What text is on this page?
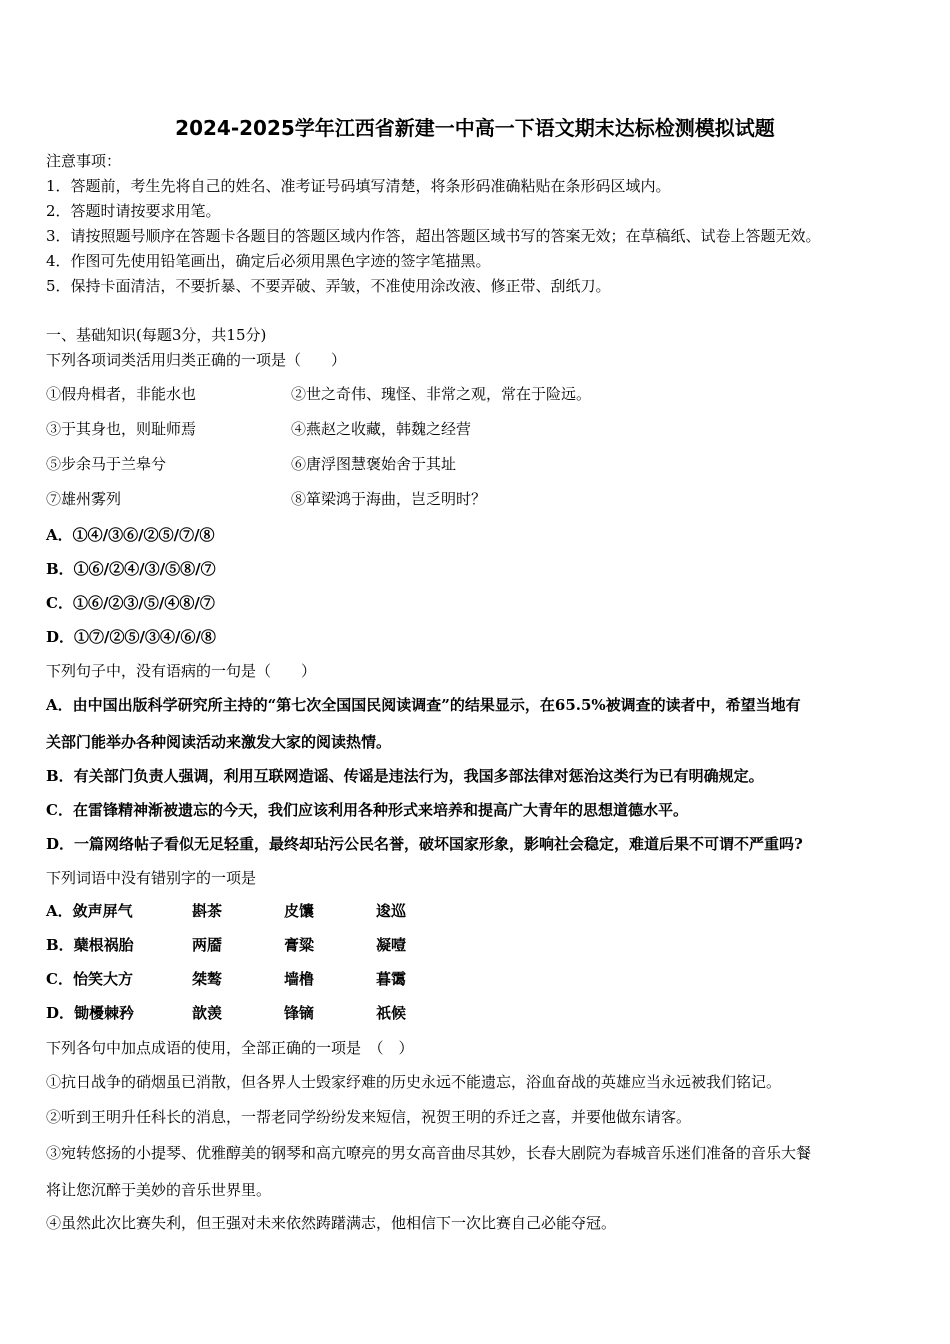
2024-2025学年江西省新建一中高一下语文期末达标检测模拟试题
注意事项：
1．答题前，考生先将自己的姓名、准考证号码填写清楚，将条形码准确粘贴在条形码区域内。
2．答题时请按要求用笔。
3．请按照题号顺序在答题卡各题目的答题区域内作答，超出答题区域书写的答案无效；在草稿纸、试卷上答题无效。
4．作图可先使用铅笔画出，确定后必须用黑色字迹的签字笔描黑。
5．保持卡面清洁，不要折暴、不要弄破、弄皱，不准使用涂改液、修正带、刮纸刀。
一、基础知识(每题3分，共15分)
下列各项词类活用归类正确的一项是（　　）
①假舟楫者，非能水也	②世之奇伟、瑰怪、非常之观，常在于险远。
③于其身也，则耻师焉	④燕赵之收藏，韩魏之经营
⑤步余马于兰皋兮	⑥唐浮图慧褒始舍于其址
⑦雄州雾列	⑧箪梁鸿于海曲，岂乏明时？
A．①④/③⑥/②⑤/⑦/⑧
B．①⑥/②④/③/⑤⑧/⑦
C．①⑥/②③/⑤/④⑧/⑦
D．①⑦/②⑤/③④/⑥/⑧
下列句子中，没有语病的一句是（　　）
A．由中国出版科学研究所主持的“第七次全国国民阅读调查”的结果显示，在65.5%被调查的读者中，希望当地有
关部门能举办各种阅读活动来激发大家的阅读热情。
B．有关部门负责人强调，利用互联网造谣、传谣是违法行为，我国多部法律对惩治这类行为已有明确规定。
C．在雷锋精神渐被遗忘的今天，我们应该利用各种形式来培养和提高广大青年的思想道德水平。
D．一篇网络帖子看似无足轻重，最终却玷污公民名誉，破坏国家形象，影响社会稳定，难道后果不可谓不严重吗?
下列词语中没有错别字的一项是
A．敛声屏气	斟茶	皮馕	逡巡
B．蘖根祸胎	两靥	膏粱	凝噎
C．怡笑大方	桀骜	墙橹	暮霭
D．锄櫌棘矜	歆羡	锋镝	祇候
下列各句中加点成语的使用，全部正确的一项是　（　）
①抗日战争的硝烟虽已消散，但各界人士毁家纾难的历史永远不能遗忘，浴血奋战的英雄应当永远被我们铭记。
②听到王明升任科长的消息，一帮老同学纷纷发来短信，祝贺王明的乔迁之喜，并要他做东请客。
③宛转悠扬的小提琴、优雅醇美的钢琴和高亢嘹亮的男女高音曲尽其妙，长春大剧院为春城音乐迷们准备的音乐大餐
将让您沉醉于美妙的音乐世界里。
④虽然此次比赛失利，但王强对未来依然踌躇满志，他相信下一次比赛自己必能夺冠。
